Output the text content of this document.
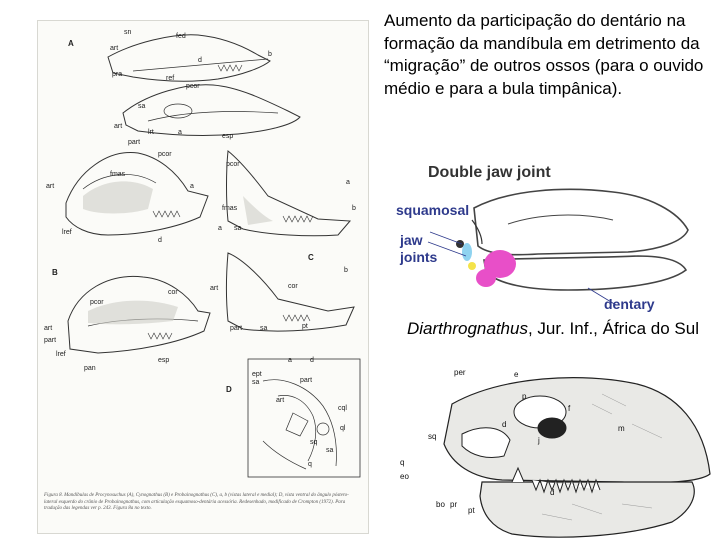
A
B
C
D
sn
fed
art
pra
d
b
pcor
sa
ref
art
lrt	a
esp
part
pcor
fmas
art
d
lref
a
pcor
a
fmas	b
sa
a
cor
art
b
part	sa	pt
pcor
cor
art
part
lref
pan
esp	a	d
ept
sa	part
art
cql
ql
sq
sa
q
Figura 8. Mandíbulas de Procynosuchus (A), Cynognathus (B) e Probainognathus (C), a, b (vistas lateral e medial); D, vista ventral do ângulo póstero-lateral esquerdo do crânio de Probainognathus, com articulação esquamoso-dentária acessória. Redesenhado, modificado de Crompton (1972). Para tradução das legendas ver p. 243. Figura 8a no texto.
Aumento da participação do dentário na formação da mandíbula em detrimento da “migração” de outros ossos (para o ouvido médio e para a bula timpânica).
Double jaw joint
squamosal
jaw joints
dentary
Diarthrognathus, Jur. Inf., África do Sul
per	e
p
f
d	m
j
sq
q
eo
bo pr
pt
d
